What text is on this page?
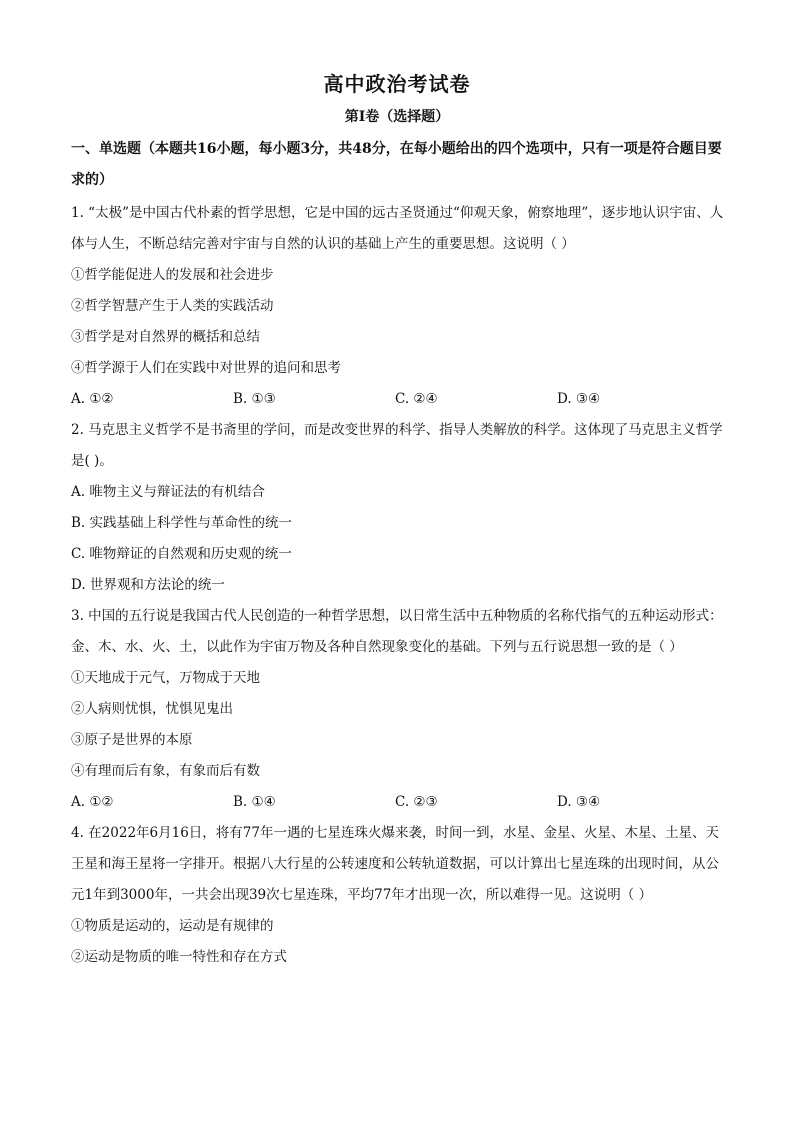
高中政治考试卷
第Ⅰ卷（选择题）
一、单选题（本题共16小题，每小题3分，共48分，在每小题给出的四个选项中，只有一项是符合题目要求的）
1. “太极”是中国古代朴素的哲学思想，它是中国的远古圣贤通过“仰观天象，俯察地理”，逐步地认识宇宙、人体与人生，不断总结完善对宇宙与自然的认识的基础上产生的重要思想。这说明（ ）
①哲学能促进人的发展和社会进步
②哲学智慧产生于人类的实践活动
③哲学是对自然界的概括和总结
④哲学源于人们在实践中对世界的追问和思考
A. ①②	B. ①③	C. ②④	D. ③④
2. 马克思主义哲学不是书斋里的学问，而是改变世界的科学、指导人类解放的科学。这体现了马克思主义哲学是( )。
A. 唯物主义与辩证法的有机结合
B. 实践基础上科学性与革命性的统一
C. 唯物辩证的自然观和历史观的统一
D. 世界观和方法论的统一
3. 中国的五行说是我国古代人民创造的一种哲学思想，以日常生活中五种物质的名称代指气的五种运动形式：金、木、水、火、土，以此作为宇宙万物及各种自然现象变化的基础。下列与五行说思想一致的是（ ）
①天地成于元气，万物成于天地
②人病则忧惧，忧惧见鬼出
③原子是世界的本原
④有理而后有象，有象而后有数
A. ①②	B. ①④	C. ②③	D. ③④
4. 在2022年6月16日，将有77年一遇的七星连珠火爆来袭，时间一到，水星、金星、火星、木星、土星、天王星和海王星将一字排开。根据八大行星的公转速度和公转轨道数据，可以计算出七星连珠的出现时间，从公元1年到3000年，一共会出现39次七星连珠，平均77年才出现一次，所以难得一见。这说明（ ）
①物质是运动的，运动是有规律的
②运动是物质的唯一特性和存在方式
